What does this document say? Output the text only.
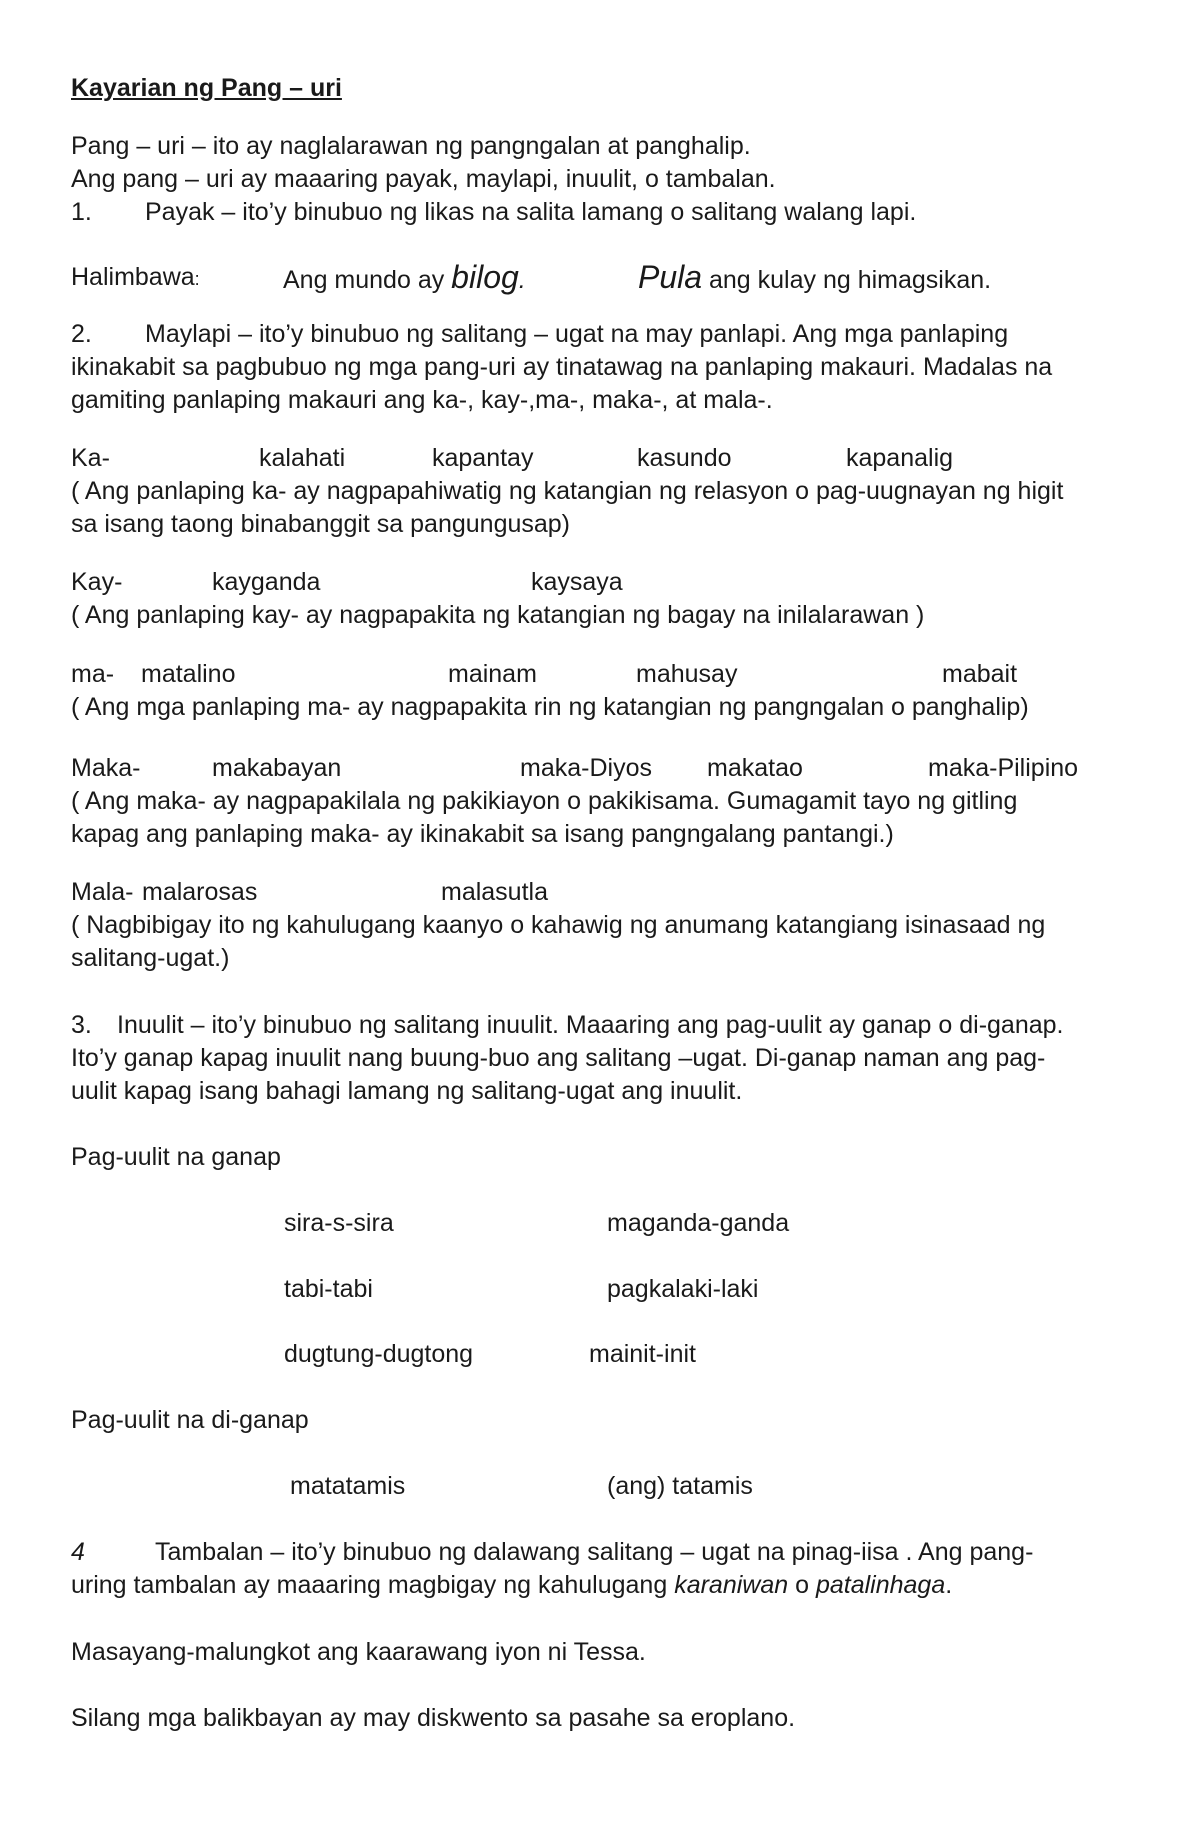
Kayarian ng Pang – uri

Pang – uri – ito ay naglalarawan ng pangngalan at panghalip.

Ang pang – uri ay maaaring payak, maylapi, inuulit, o tambalan.

1. Payak – ito’y binubuo ng likas na salita lamang o salitang walang lapi.

Halimbawa:	Ang mundo ay bilog.	Pula ang kulay ng himagsikan.

2. Maylapi – ito’y binubuo ng salitang – ugat na may panlapi. Ang mga panlaping

ikinakabit sa pagbubuo ng mga pang-uri ay tinatawag na panlaping makauri. Madalas na

gamiting panlaping makauri ang ka-, kay-,ma-, maka-, at mala-.

Ka-	kalahati	kapantay	kasundo	kapanalig

( Ang panlaping ka- ay nagpapahiwatig ng katangian ng relasyon o pag-uugnayan ng higit

sa isang taong binabanggit sa pangungusap)

Kay-	kayganda	kaysaya

( Ang panlaping kay- ay nagpapakita ng katangian ng bagay na inilalarawan )

ma- matalino	mainam	mahusay	mabait

( Ang mga panlaping ma- ay nagpapakita rin ng katangian ng pangngalan o panghalip)

Maka-	makabayan	maka-Diyos makatao	maka-Pilipino

( Ang maka- ay nagpapakilala ng pakikiayon o pakikisama. Gumagamit tayo ng gitling

kapag ang panlaping maka- ay ikinakabit sa isang pangngalang pantangi.)

Mala- malarosas	malasutla

( Nagbibigay ito ng kahulugang kaanyo o kahawig ng anumang katangiang isinasaad ng

salitang-ugat.)

3. Inuulit – ito’y binubuo ng salitang inuulit. Maaaring ang pag-uulit ay ganap o di-ganap.

Ito’y ganap kapag inuulit nang buung-buo ang salitang –ugat. Di-ganap naman ang pag-

uulit kapag isang bahagi lamang ng salitang-ugat ang inuulit.

Pag-uulit na ganap

sira-s-sira	maganda-ganda
tabi-tabi	pagkalaki-laki
dugtung-dugtong	mainit-init

Pag-uulit na di-ganap

matatamis	(ang) tatamis

4	Tambalan – ito’y binubuo ng dalawang salitang – ugat na pinag-iisa . Ang pang-

uring tambalan ay maaaring magbigay ng kahulugang karaniwan o patalinhaga.

Masayang-malungkot ang kaarawang iyon ni Tessa.

Silang mga balikbayan ay may diskwento sa pasahe sa eroplano.
